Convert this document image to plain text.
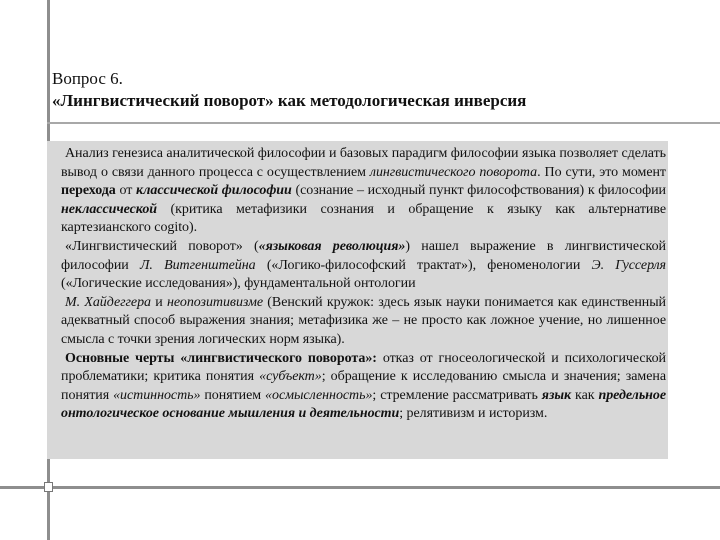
Вопрос 6.
«Лингвистический поворот» как методологическая инверсия

Анализ генезиса аналитической философии и базовых парадигм философии языка позволяет сделать вывод о связи данного процесса с осуществлением лингвистического поворота. По сути, это момент перехода от классической философии (сознание – исходный пункт философствования) к философии неклассической (критика метафизики сознания и обращение к языку как альтернативе картезианского cogito).

«Лингвистический поворот» («языковая революция») нашел выражение в лингвистической философии Л. Витгенштейна («Логико-философский трактат»), феноменологии Э. Гуссерля («Логические исследования»), фундаментальной онтологии

М. Хайдеггера и неопозитивизме (Венский кружок: здесь язык науки понимается как единственный адекватный способ выражения знания; метафизика же – не просто как ложное учение, но лишенное смысла с точки зрения логических норм языка).

Основные черты «лингвистического поворота»: отказ от гносеологической и психологической проблематики; критика понятия «субъект»; обращение к исследованию смысла и значения; замена понятия «истинность» понятием «осмысленность»; стремление рассматривать язык как предельное онтологическое основание мышления и деятельности; релятивизм и историзм.
